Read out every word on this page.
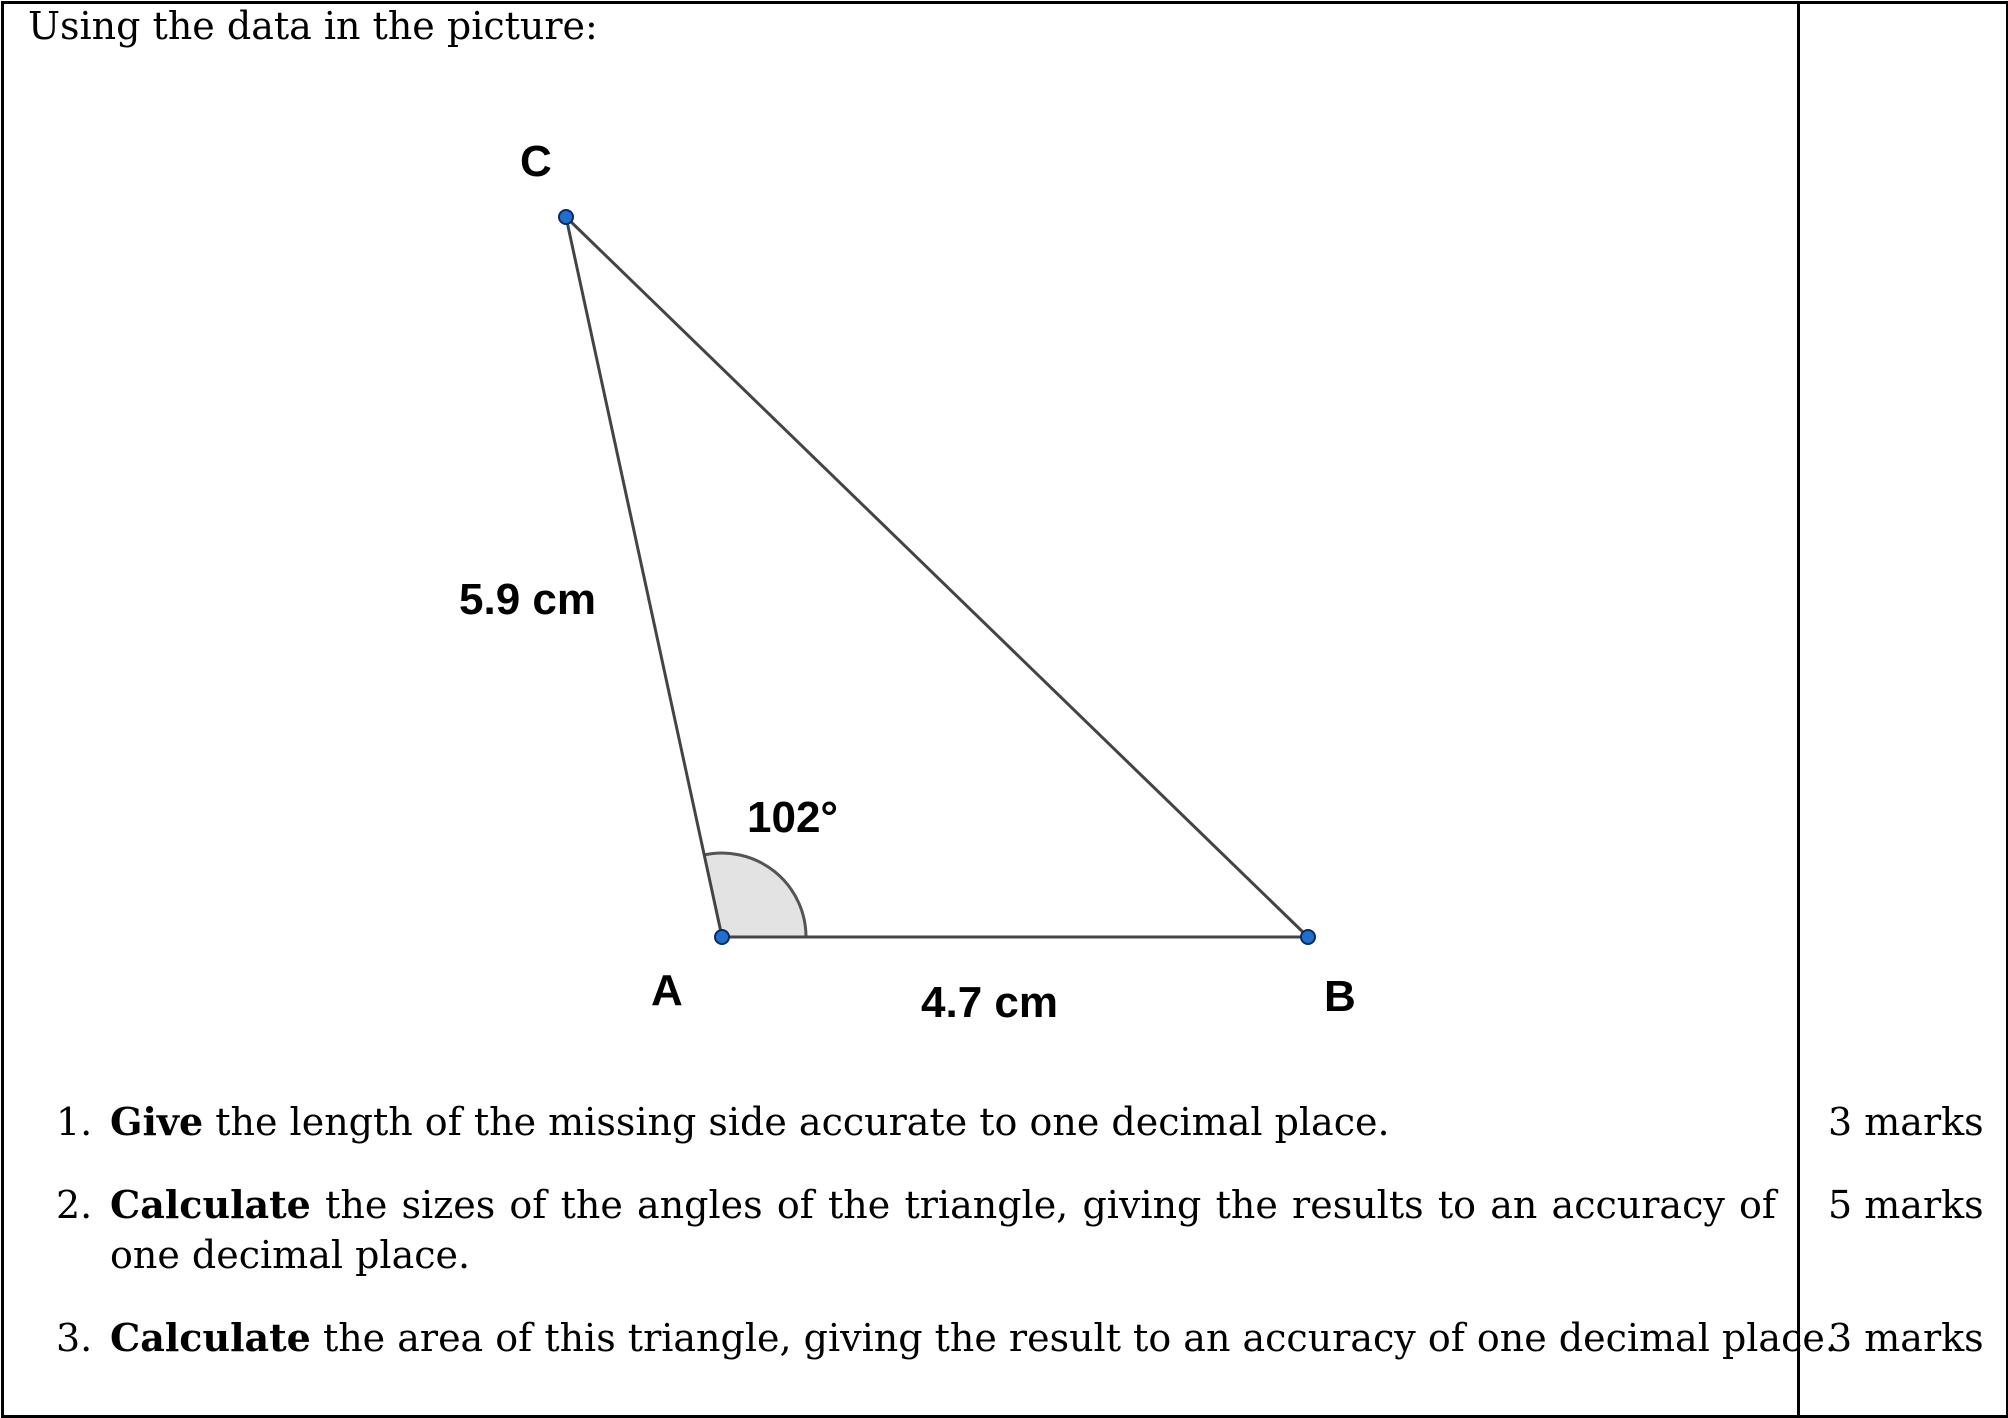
Using the data in the picture:
C
A	B
5.9 cm
4.7 cm
102°
1. Give the length of the missing side accurate to one decimal place.	3 marks
2. Calculate the sizes of the angles of the triangle, giving the results to an accuracy of one decimal place.
5 marks
3. Calculate the area of this triangle, giving the result to an accuracy of one decimal place.
3 marks
